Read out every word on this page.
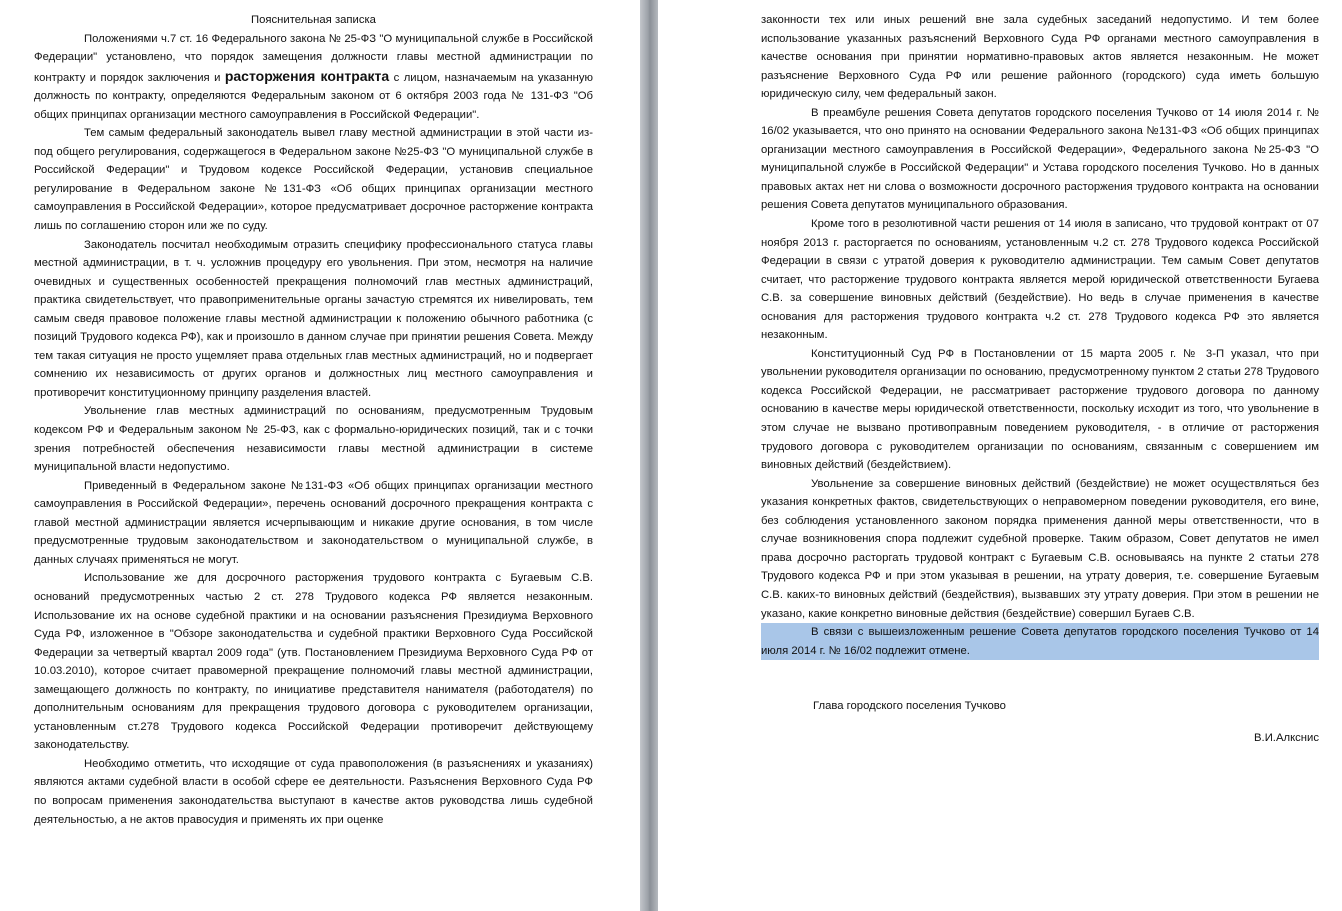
Пояснительная записка

Положениями ч.7 ст. 16 Федерального закона № 25-ФЗ "О муниципальной службе в Российской Федерации" установлено, что порядок замещения должности главы местной администрации по контракту и порядок заключения и расторжения контракта с лицом, назначаемым на указанную должность по контракту, определяются Федеральным законом от 6 октября 2003 года № 131-ФЗ "Об общих принципах организации местного самоуправления в Российской Федерации".

Тем самым федеральный законодатель вывел главу местной администрации в этой части из-под общего регулирования, содержащегося в Федеральном законе №25-ФЗ "О муниципальной службе в Российской Федерации" и Трудовом кодексе Российской Федерации, установив специальное регулирование в Федеральном законе №131-ФЗ «Об общих принципах организации местного самоуправления в Российской Федерации», которое предусматривает досрочное расторжение контракта лишь по соглашению сторон или же по суду.

Законодатель посчитал необходимым отразить специфику профессионального статуса главы местной администрации, в т. ч. усложнив процедуру его увольнения. При этом, несмотря на наличие очевидных и существенных особенностей прекращения полномочий глав местных администраций, практика свидетельствует, что правоприменительные органы зачастую стремятся их нивелировать, тем самым сведя правовое положение главы местной администрации к положению обычного работника (с позиций Трудового кодекса РФ), как и произошло в данном случае при принятии решения Совета. Между тем такая ситуация не просто ущемляет права отдельных глав местных администраций, но и подвергает сомнению их независимость от других органов и должностных лиц местного самоуправления и противоречит конституционному принципу разделения властей.

Увольнение глав местных администраций по основаниям, предусмотренным Трудовым кодексом РФ и Федеральным законом № 25-ФЗ, как с формально-юридических позиций, так и с точки зрения потребностей обеспечения независимости главы местной администрации в системе муниципальной власти недопустимо.

Приведенный в Федеральном законе №131-ФЗ «Об общих принципах организации местного самоуправления в Российской Федерации», перечень оснований досрочного прекращения контракта с главой местной администрации является исчерпывающим и никакие другие основания, в том числе предусмотренные трудовым законодательством и законодательством о муниципальной службе, в данных случаях применяться не могут.

Использование же для досрочного расторжения трудового контракта с Бугаевым С.В. оснований предусмотренных частью 2 ст. 278 Трудового кодекса РФ является незаконным. Использование их на основе судебной практики и на основании разъяснения Президиума Верховного Суда РФ, изложенное в "Обзоре законодательства и судебной практики Верховного Суда Российской Федерации за четвертый квартал 2009 года" (утв. Постановлением Президиума Верховного Суда РФ от 10.03.2010), которое считает правомерной прекращение полномочий главы местной администрации, замещающего должность по контракту, по инициативе представителя нанимателя (работодателя) по дополнительным основаниям для прекращения трудового договора с руководителем организации, установленным ст.278 Трудового кодекса Российской Федерации противоречит действующему законодательству.

Необходимо отметить, что исходящие от суда правоположения (в разъяснениях и указаниях) являются актами судебной власти в особой сфере ее деятельности. Разъяснения Верховного Суда РФ по вопросам применения законодательства выступают в качестве актов руководства лишь судебной деятельностью, а не актов правосудия и применять их при оценке

законности тех или иных решений вне зала судебных заседаний недопустимо. И тем более использование указанных разъяснений Верховного Суда РФ органами местного самоуправления в качестве основания при принятии нормативно-правовых актов является незаконным. Не может разъяснение Верховного Суда РФ или решение районного (городского) суда иметь большую юридическую силу, чем федеральный закон.

В преамбуле решения Совета депутатов городского поселения Тучково от 14 июля 2014 г. № 16/02 указывается, что оно принято на основании Федерального закона №131-ФЗ «Об общих принципах организации местного самоуправления в Российской Федерации», Федерального закона №25-ФЗ "О муниципальной службе в Российской Федерации" и Устава городского поселения Тучково. Но в данных правовых актах нет ни слова о возможности досрочного расторжения трудового контракта на основании решения Совета депутатов муниципального образования.

Кроме того в резолютивной части решения от 14 июля в записано, что трудовой контракт от 07 ноября 2013 г. расторгается по основаниям, установленным ч.2 ст. 278 Трудового кодекса Российской Федерации в связи с утратой доверия к руководителю администрации. Тем самым Совет депутатов считает, что расторжение трудового контракта является мерой юридической ответственности Бугаева С.В. за совершение виновных действий (бездействие). Но ведь в случае применения в качестве основания для расторжения трудового контракта ч.2 ст. 278 Трудового кодекса РФ это является незаконным.

Конституционный Суд РФ в Постановлении от 15 марта 2005 г. № 3-П указал, что при увольнении руководителя организации по основанию, предусмотренному пунктом 2 статьи 278 Трудового кодекса Российской Федерации, не рассматривает расторжение трудового договора по данному основанию в качестве меры юридической ответственности, поскольку исходит из того, что увольнение в этом случае не вызвано противоправным поведением руководителя, - в отличие от расторжения трудового договора с руководителем организации по основаниям, связанным с совершением им виновных действий (бездействием).

Увольнение за совершение виновных действий (бездействие) не может осуществляться без указания конкретных фактов, свидетельствующих о неправомерном поведении руководителя, его вине, без соблюдения установленного законом порядка применения данной меры ответственности, что в случае возникновения спора подлежит судебной проверке. Таким образом, Совет депутатов не имел права досрочно расторгать трудовой контракт с Бугаевым С.В. основываясь на пункте 2 статьи 278 Трудового кодекса РФ и при этом указывая в решении, на утрату доверия, т.е. совершение Бугаевым С.В. каких-то виновных действий (бездействия), вызвавших эту утрату доверия. При этом в решении не указано, какие конкретно виновные действия (бездействие) совершил Бугаев С.В.

В связи с вышеизложенным решение Совета депутатов городского поселения Тучково от 14 июля 2014 г. № 16/02 подлежит отмене.

Глава городского поселения Тучково

В.И.Алкснис
